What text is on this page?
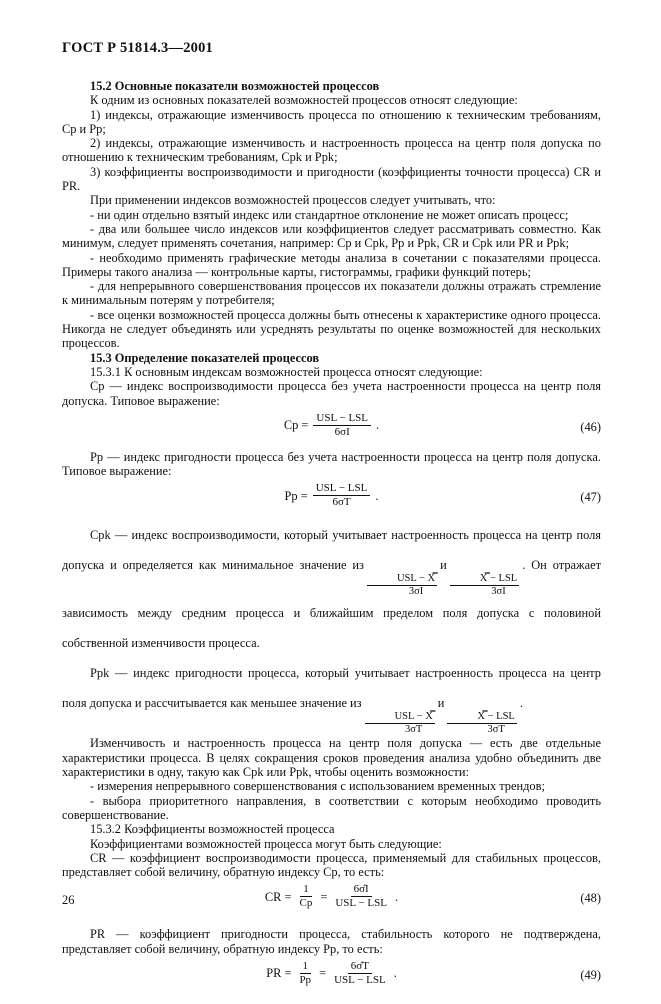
ГОСТ Р 51814.3—2001

15.2 Основные показатели возможностей процессов

К одним из основных показателей возможностей процессов относят следующие:

1) индексы, отражающие изменчивость процесса по отношению к техническим требованиям, Cp и Pp;

2) индексы, отражающие изменчивость и настроенность процесса на центр поля допуска по отношению к техническим требованиям, Cpk и Ppk;

3) коэффициенты воспроизводимости и пригодности (коэффициенты точности процесса) CR и PR.

При применении индексов возможностей процессов следует учитывать, что:

- ни один отдельно взятый индекс или стандартное отклонение не может описать процесс;

- два или большее число индексов или коэффициентов следует рассматривать совместно. Как минимум, следует применять сочетания, например: Cp и Cpk, Pp и Ppk, CR и Cpk или PR и Ppk;

- необходимо применять графические методы анализа в сочетании с показателями процесса. Примеры такого анализа — контрольные карты, гистограммы, графики функций потерь;

- для непрерывного совершенствования процессов их показатели должны отражать стремление к минимальным потерям у потребителя;

- все оценки возможностей процесса должны быть отнесены к характеристике одного процесса. Никогда не следует объединять или усреднять результаты по оценке возможностей для нескольких процессов.

15.3 Определение показателей процессов

15.3.1 К основным индексам возможностей процесса относят следующие:

Cp — индекс воспроизводимости процесса без учета настроенности процесса на центр поля допуска. Типовое выражение:

$Cp = \frac{\text{USL − LSL}}{6\sigma I}$ .	(46)

Pp — индекс пригодности процесса без учета настроенности процесса на центр поля допуска. Типовое выражение:

$Pp = \frac{\text{USL − LSL}}{6\sigma T}$ .	(47)

Cpk — индекс воспроизводимости, который учитывает настроенность процесса на центр поля допуска и определяется как минимальное значение из
$\frac{\text{USL − X̿}}{3\sigma I}$
и
$\frac{\text{X̿ − LSL}}{3\sigma I}$
. Он отражает зависимость между средним процесса и ближайшим пределом поля допуска с половиной собственной изменчивости процесса.

Ppk — индекс пригодности процесса, который учитывает настроенность процесса на центр поля допуска и рассчитывается как меньшее значение из
$\frac{\text{USL − X̿}}{3\sigma T}$
и
$\frac{\text{X̿ − LSL}}{3\sigma T}$
.

Изменчивость и настроенность процесса на центр поля допуска — есть две отдельные характеристики процесса. В целях сокращения сроков проведения анализа удобно объединить две характеристики в одну, такую как Cpk или Ppk, чтобы оценить возможности:

- измерения непрерывного совершенствования с использованием временных трендов;

- выбора приоритетного направления, в соответствии с которым необходимо проводить совершенствование.

15.3.2 Коэффициенты возможностей процесса

Коэффициентами возможностей процесса могут быть следующие:

CR — коэффициент воспроизводимости процесса, применяемый для стабильных процессов, представляет собой величину, обратную индексу Cp, то есть:

CR = $\frac{1}{Cp} = \frac{6\sigmâI}{\text{USL − LSL}}$ .	(48)

PR — коэффициент пригодности процесса, стабильность которого не подтверждена, представляет собой величину, обратную индексу Pp, то есть:

PR = $\frac{1}{Pp} = \frac{6\sigmâT}{\text{USL − LSL}}$ .	(49)
26
